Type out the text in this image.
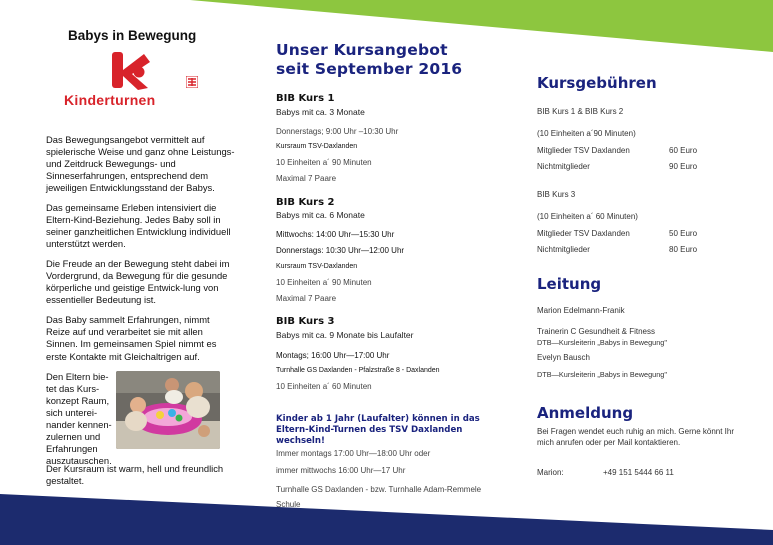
Babys in Bewegung
Kinderturnen

Das Bewegungsangebot vermittelt auf spielerische Weise und ganz ohne Leistungs- und Zeitdruck Bewegungs- und Sinneserfahrungen, entsprechend dem jeweiligen Entwicklungsstand der Babys.

Das gemeinsame Erleben intensiviert die Eltern-Kind-Beziehung. Jedes Baby soll in seiner ganzheitlichen Entwicklung individuell unterstützt werden.

Die Freude an der Bewegung steht dabei im Vordergrund, da Bewegung für die gesunde körperliche und geistige Entwick-lung von essentieller Bedeutung ist.

Das Baby sammelt Erfahrungen, nimmt Reize auf und verarbeitet sie mit allen Sinnen. Im gemeinsamen Spiel nimmt es erste Kontakte mit Gleichaltrigen auf.

Den Eltern bie-tet das Kurs-konzept Raum, sich unterei-nander kennen-zulernen und Erfahrungen auszutauschen.

Der Kursraum ist warm, hell und freundlich gestaltet.

Unser Kursangebot
seit September 2016
BIB Kurs 1
Babys mit ca. 3 Monate
Donnerstags; 9:00 Uhr –10:30 Uhr
Kursraum TSV-Daxlanden
10 Einheiten a´ 90 Minuten
Maximal 7 Paare
BIB Kurs 2
Babys mit ca. 6 Monate
Mittwochs: 14:00 Uhr—15:30 Uhr
Donnerstags: 10:30 Uhr—12:00 Uhr
Kursraum TSV-Daxlanden
10 Einheiten a´ 90 Minuten
Maximal 7 Paare
BIB Kurs 3
Babys mit ca. 9 Monate bis Laufalter
Montags; 16:00 Uhr—17:00 Uhr
Turnhalle GS Daxlanden - Pfalzstraße 8 - Daxlanden
10 Einheiten a´ 60 Minuten
Kinder ab 1 Jahr (Laufalter) können in das Eltern-Kind-Turnen des TSV Daxlanden wechseln!
Immer montags 17:00 Uhr—18:00 Uhr oder
immer mittwochs 16:00 Uhr—17 Uhr
Turnhalle GS Daxlanden - bzw. Turnhalle Adam-Remmele Schule
Kursgebühren
BIB Kurs 1 & BIB Kurs 2
(10 Einheiten a´90 Minuten)
Mitglieder TSV Daxlanden	60 Euro
Nichtmitglieder	90 Euro
BIB Kurs 3
(10 Einheiten a´ 60 Minuten)
Mitglieder TSV Daxlanden	50 Euro
Nichtmitglieder	80 Euro
Leitung
Marion Edelmann-Franik
Trainerin C Gesundheit & Fitness
DTB—Kursleiterin „Babys in Bewegung"
Evelyn Bausch
DTB—Kursleiterin „Babys in Bewegung"
Anmeldung
Bei Fragen wendet euch ruhig an mich. Gerne könnt Ihr mich anrufen oder per Mail kontaktieren.
Marion:	+49 151 5444 66 11
